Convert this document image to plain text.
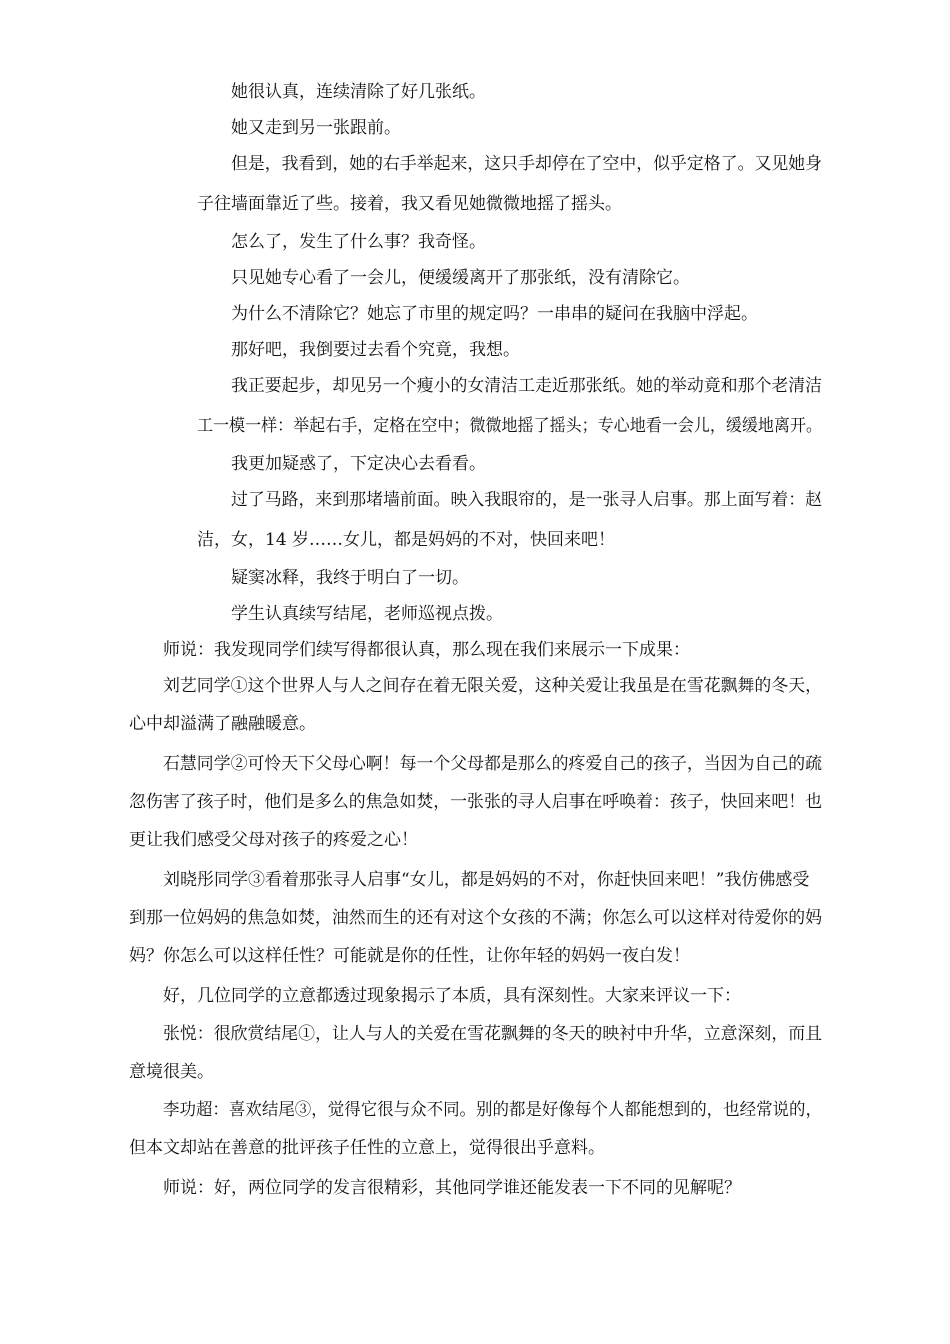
她很认真，连续清除了好几张纸。

她又走到另一张跟前。

但是，我看到，她的右手举起来，这只手却停在了空中，似乎定格了。又见她身

子往墙面靠近了些。接着，我又看见她微微地摇了摇头。

怎么了，发生了什么事？我奇怪。

只见她专心看了一会儿，便缓缓离开了那张纸，没有清除它。

为什么不清除它？她忘了市里的规定吗？一串串的疑问在我脑中浮起。

那好吧，我倒要过去看个究竟，我想。

我正要起步，却见另一个瘦小的女清洁工走近那张纸。她的举动竟和那个老清洁

工一模一样：举起右手，定格在空中；微微地摇了摇头；专心地看一会儿，缓缓地离开。

我更加疑惑了，下定决心去看看。

过了马路，来到那堵墙前面。映入我眼帘的，是一张寻人启事。那上面写着：赵

洁，女，14 岁……女儿，都是妈妈的不对，快回来吧！

疑窦冰释，我终于明白了一切。

学生认真续写结尾，老师巡视点拨。

师说：我发现同学们续写得都很认真，那么现在我们来展示一下成果：

刘艺同学①这个世界人与人之间存在着无限关爱，这种关爱让我虽是在雪花飘舞的冬天，

心中却溢满了融融暖意。

石慧同学②可怜天下父母心啊！每一个父母都是那么的疼爱自己的孩子，当因为自己的疏

忽伤害了孩子时，他们是多么的焦急如焚，一张张的寻人启事在呼唤着：孩子，快回来吧！也

更让我们感受父母对孩子的疼爱之心！

刘晓彤同学③看着那张寻人启事“女儿，都是妈妈的不对，你赶快回来吧！”我仿佛感受

到那一位妈妈的焦急如焚，油然而生的还有对这个女孩的不满；你怎么可以这样对待爱你的妈

妈？你怎么可以这样任性？可能就是你的任性，让你年轻的妈妈一夜白发！

好，几位同学的立意都透过现象揭示了本质，具有深刻性。大家来评议一下：

张悦：很欣赏结尾①，让人与人的关爱在雪花飘舞的冬天的映衬中升华，立意深刻，而且

意境很美。

李功超：喜欢结尾③，觉得它很与众不同。别的都是好像每个人都能想到的，也经常说的，

但本文却站在善意的批评孩子任性的立意上，觉得很出乎意料。

师说：好，两位同学的发言很精彩，其他同学谁还能发表一下不同的见解呢？
